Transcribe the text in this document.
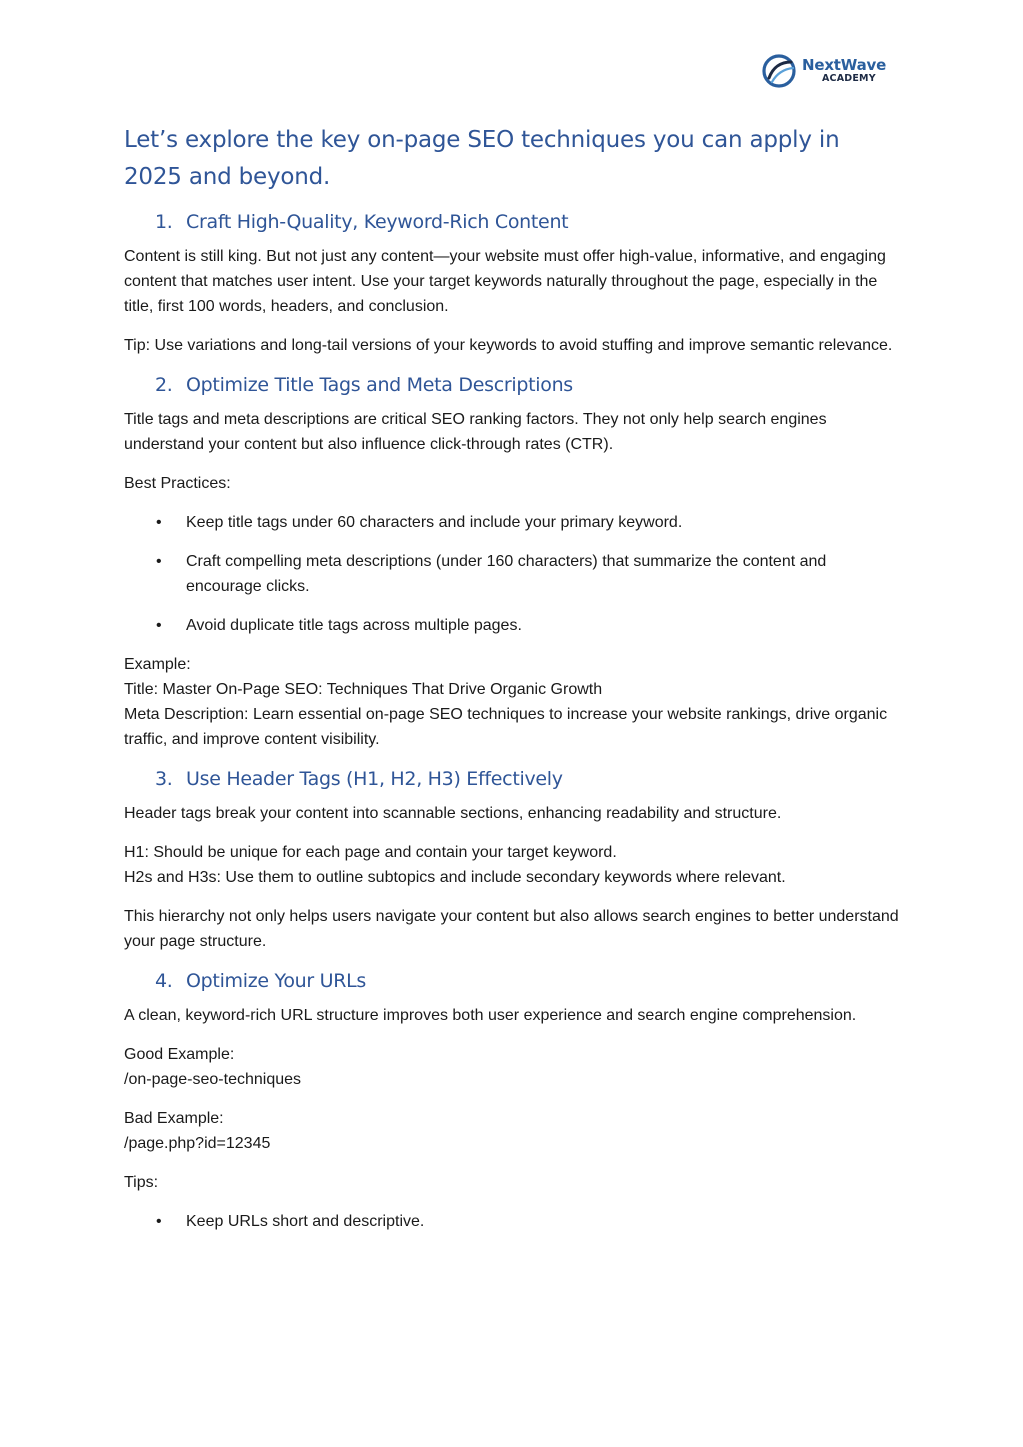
NextWave
ACADEMY
Let’s explore the key on-page SEO techniques you can apply in 2025 and beyond.
1. Craft High-Quality, Keyword-Rich Content

Content is still king. But not just any content—your website must offer high-value, informative, and engaging content that matches user intent. Use your target keywords naturally throughout the page, especially in the title, first 100 words, headers, and conclusion.

Tip: Use variations and long-tail versions of your keywords to avoid stuffing and improve semantic relevance.

2. Optimize Title Tags and Meta Descriptions

Title tags and meta descriptions are critical SEO ranking factors. They not only help search engines understand your content but also influence click-through rates (CTR).

Best Practices:

• Keep title tags under 60 characters and include your primary keyword.
• Craft compelling meta descriptions (under 160 characters) that summarize the content and encourage clicks.
• Avoid duplicate title tags across multiple pages.

Example:
Title: Master On-Page SEO: Techniques That Drive Organic Growth
Meta Description: Learn essential on-page SEO techniques to increase your website rankings, drive organic traffic, and improve content visibility.

3. Use Header Tags (H1, H2, H3) Effectively

Header tags break your content into scannable sections, enhancing readability and structure.

H1: Should be unique for each page and contain your target keyword.
H2s and H3s: Use them to outline subtopics and include secondary keywords where relevant.

This hierarchy not only helps users navigate your content but also allows search engines to better understand your page structure.

4. Optimize Your URLs

A clean, keyword-rich URL structure improves both user experience and search engine comprehension.

Good Example:
/on-page-seo-techniques

Bad Example:
/page.php?id=12345

Tips:

• Keep URLs short and descriptive.
